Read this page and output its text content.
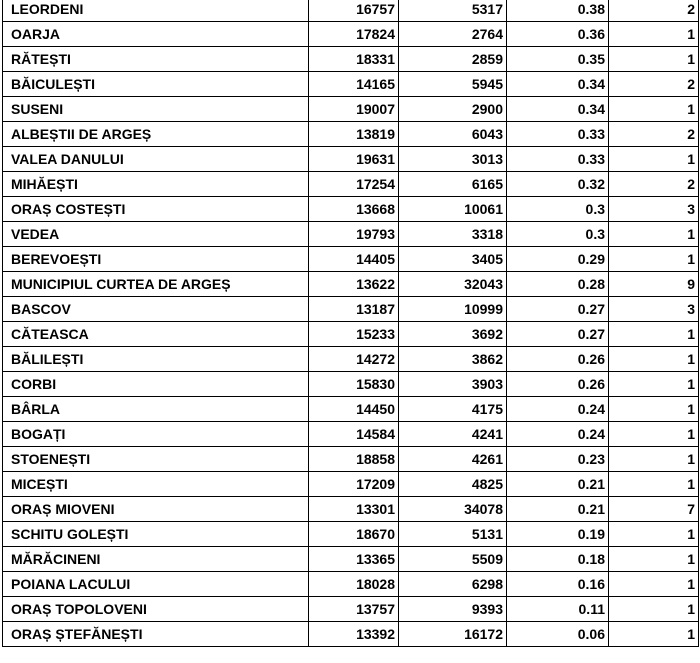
LEORDENI	16757	5317	0.38	2
OARJA	17824	2764	0.36	1
RĂTEȘTI	18331	2859	0.35	1
BĂICULEȘTI	14165	5945	0.34	2
SUSENI	19007	2900	0.34	1
ALBEȘTII DE ARGEȘ	13819	6043	0.33	2
VALEA DANULUI	19631	3013	0.33	1
MIHĂEȘTI	17254	6165	0.32	2
ORAȘ COSTEȘTI	13668	10061	0.3	3
VEDEA	19793	3318	0.3	1
BEREVOEȘTI	14405	3405	0.29	1
MUNICIPIUL CURTEA DE ARGEȘ	13622	32043	0.28	9
BASCOV	13187	10999	0.27	3
CĂTEASCA	15233	3692	0.27	1
BĂLILEȘTI	14272	3862	0.26	1
CORBI	15830	3903	0.26	1
BÂRLA	14450	4175	0.24	1
BOGAȚI	14584	4241	0.24	1
STOENEȘTI	18858	4261	0.23	1
MICEȘTI	17209	4825	0.21	1
ORAȘ MIOVENI	13301	34078	0.21	7
SCHITU GOLEȘTI	18670	5131	0.19	1
MĂRĂCINENI	13365	5509	0.18	1
POIANA LACULUI	18028	6298	0.16	1
ORAȘ TOPOLOVENI	13757	9393	0.11	1
ORAȘ ȘTEFĂNEȘTI	13392	16172	0.06	1
